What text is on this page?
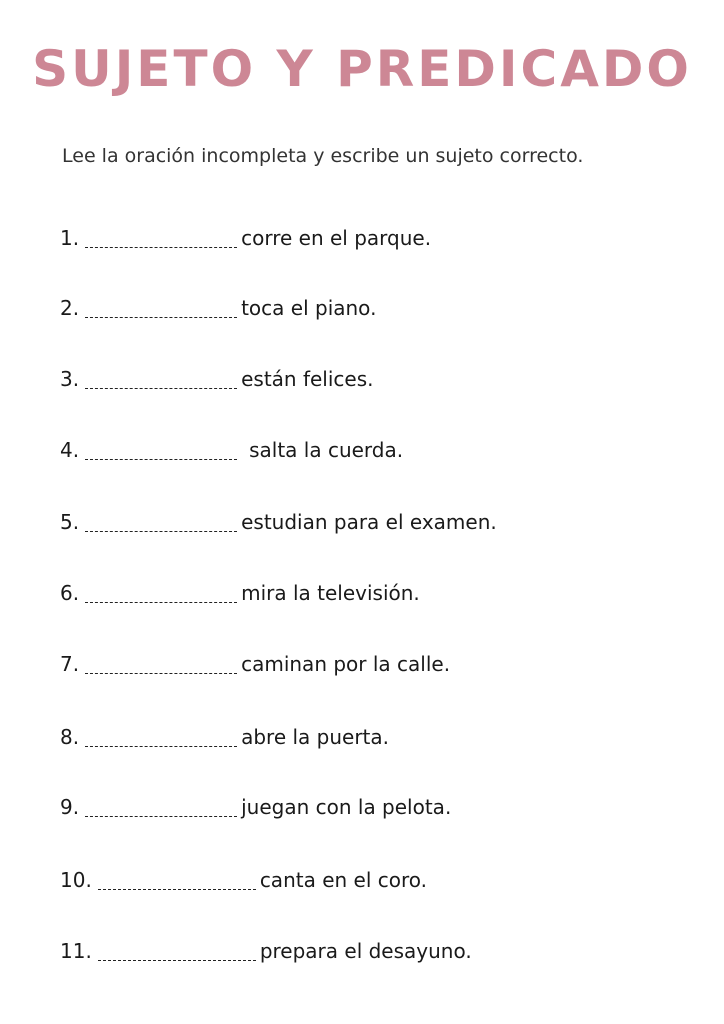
SUJETO Y PREDICADO
Lee la oración incompleta y escribe un sujeto correcto.
1.	corre en el parque.
2.	toca el piano.
3.	están felices.
4.	salta la cuerda.
5.	estudian para el examen.
6.	mira la televisión.
7.	caminan por la calle.
8.	abre la puerta.
9.	juegan con la pelota.
10.	canta en el coro.
11.	prepara el desayuno.
